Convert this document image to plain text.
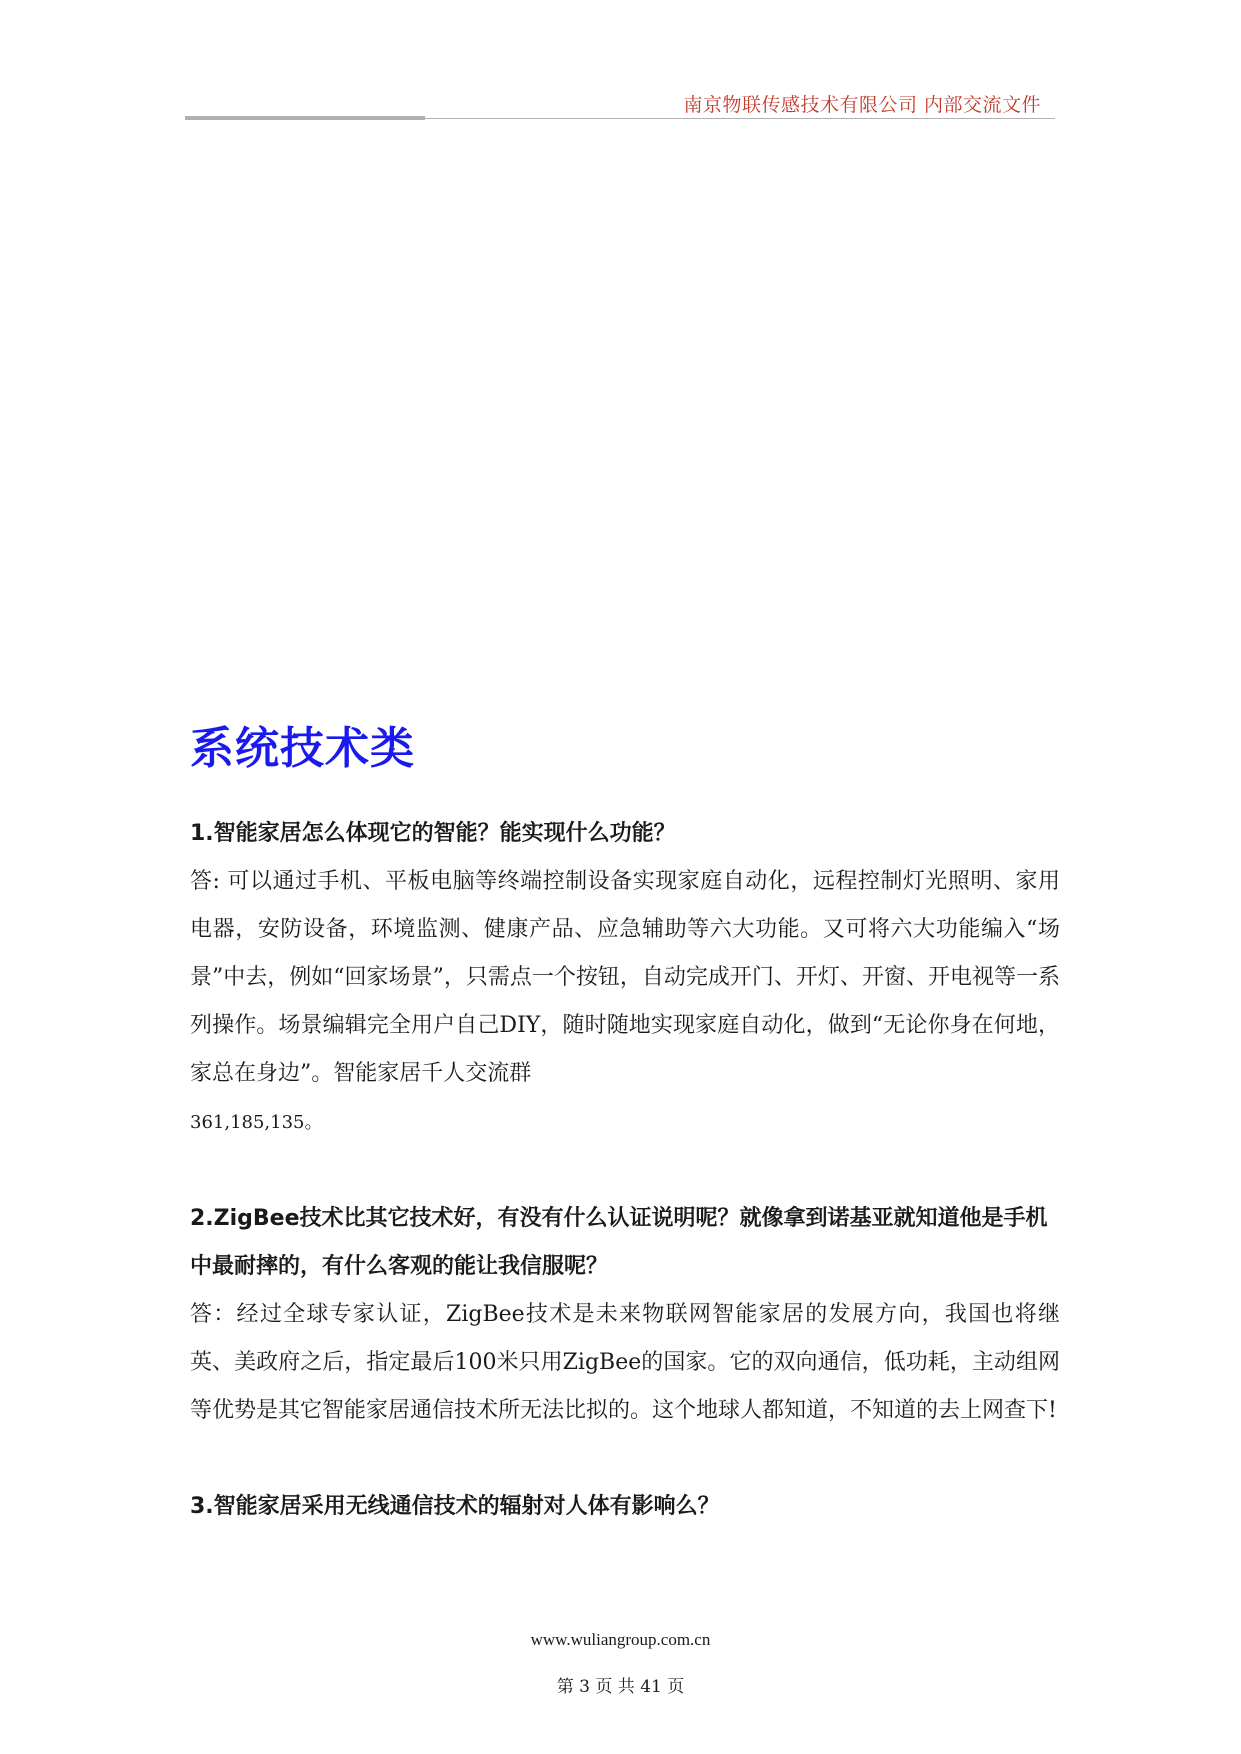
南京物联传感技术有限公司 内部交流文件
系统技术类

1.智能家居怎么体现它的智能？能实现什么功能？

答: 可以通过手机、平板电脑等终端控制设备实现家庭自动化，远程控制灯光照明、家用电器，安防设备，环境监测、健康产品、应急辅助等六大功能。又可将六大功能编入“场景”中去，例如“回家场景”，只需点一个按钮，自动完成开门、开灯、开窗、开电视等一系列操作。场景编辑完全用户自己DIY，随时随地实现家庭自动化，做到“无论你身在何地，家总在身边”。智能家居千人交流群
361,185,135。

2.ZigBee技术比其它技术好，有没有什么认证说明呢？就像拿到诺基亚就知道他是手机中最耐摔的，有什么客观的能让我信服呢？

答：经过全球专家认证，ZigBee技术是未来物联网智能家居的发展方向，我国也将继英、美政府之后，指定最后100米只用ZigBee的国家。它的双向通信，低功耗，主动组网等优势是其它智能家居通信技术所无法比拟的。这个地球人都知道，不知道的去上网查下!

3.智能家居采用无线通信技术的辐射对人体有影响么？

www.wuliangroup.com.cn
第 3 页 共 41 页
